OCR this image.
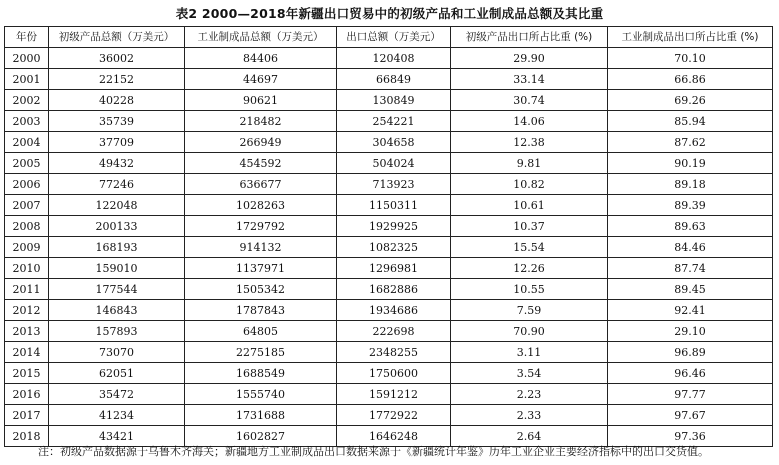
表2 2000—2018年新疆出口贸易中的初级产品和工业制成品总额及其比重
年份	初级产品总额（万美元）	工业制成品总额（万美元）	出口总额（万美元）	初级产品出口所占比重 (%)	工业制成品出口所占比重 (%)
2000	36002	84406	120408	29.90	70.10
2001	22152	44697	66849	33.14	66.86
2002	40228	90621	130849	30.74	69.26
2003	35739	218482	254221	14.06	85.94
2004	37709	266949	304658	12.38	87.62
2005	49432	454592	504024	9.81	90.19
2006	77246	636677	713923	10.82	89.18
2007	122048	1028263	1150311	10.61	89.39
2008	200133	1729792	1929925	10.37	89.63
2009	168193	914132	1082325	15.54	84.46
2010	159010	1137971	1296981	12.26	87.74
2011	177544	1505342	1682886	10.55	89.45
2012	146843	1787843	1934686	7.59	92.41
2013	157893	64805	222698	70.90	29.10
2014	73070	2275185	2348255	3.11	96.89
2015	62051	1688549	1750600	3.54	96.46
2016	35472	1555740	1591212	2.23	97.77
2017	41234	1731688	1772922	2.33	97.67
2018	43421	1602827	1646248	2.64	97.36
注：初级产品数据源于乌鲁木齐海关；新疆地方工业制成品出口数据来源于《新疆统计年鉴》历年工业企业主要经济指标中的出口交货值。
